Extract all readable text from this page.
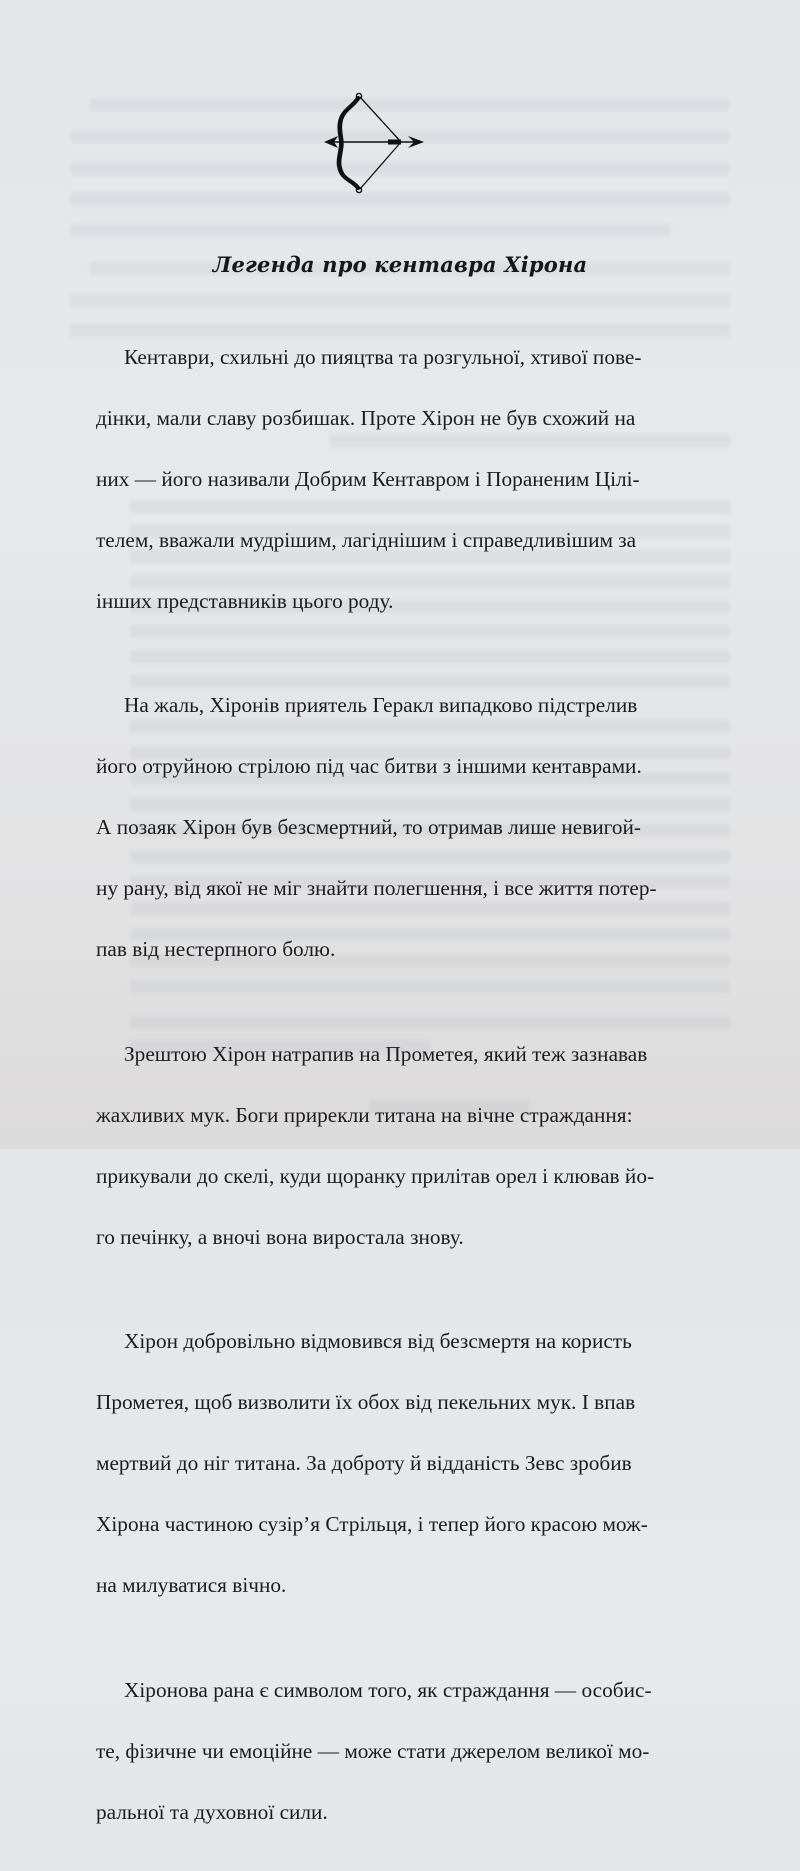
Легенда про кентавра Хірона

Кентаври, схильні до пияцтва та розгульної, хтивої пове-

дінки, мали славу розбишак. Проте Хірон не був схожий на

них — його називали Добрим Кентавром і Пораненим Цілі-

телем, вважали мудрішим, лагіднішим і справедливішим за

інших представників цього роду.

На жаль, Хіронів приятель Геракл випадково підстрелив

його отруйною стрілою під час битви з іншими кентаврами.

А позаяк Хірон був безсмертний, то отримав лише невигой-

ну рану, від якої не міг знайти полегшення, і все життя потер-

пав від нестерпного болю.

Зрештою Хірон натрапив на Прометея, який теж зазнавав

жахливих мук. Боги прирекли титана на вічне страждання:

прикували до скелі, куди щоранку прилітав орел і клював йо-

го печінку, а вночі вона виростала знову.

Хірон добровільно відмовився від безсмертя на користь

Прометея, щоб визволити їх обох від пекельних мук. І впав

мертвий до ніг титана. За доброту й відданість Зевс зробив

Хірона частиною сузір’я Стрільця, і тепер його красою мож-

на милуватися вічно.

Хіронова рана є символом того, як страждання — особис-

те, фізичне чи емоційне — може стати джерелом великої мо-

ральної та духовної сили.
